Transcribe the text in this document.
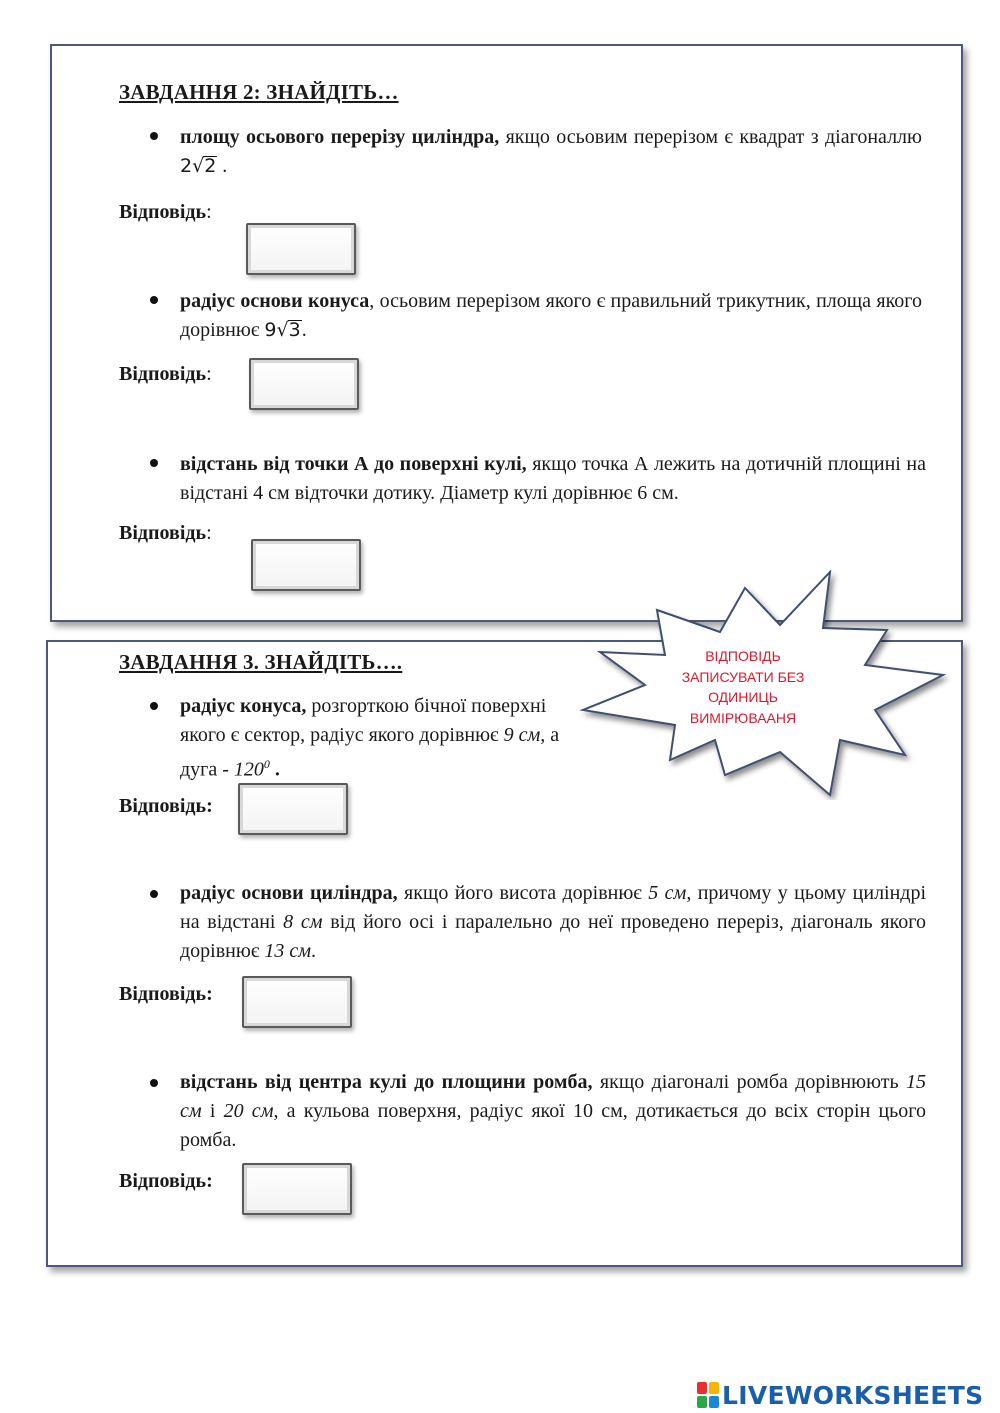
ЗАВДАННЯ 2: ЗНАЙДІТЬ…
площу осьового перерізу циліндра, якщо осьовим перерізом є квадрат з діагоналлю 2√2 .
Відповідь:
радіус основи конуса, осьовим перерізом якого є правильний трикутник, площа якого дорівнює 9√3.
Відповідь:
відстань від точки А до поверхні кулі, якщо точка А лежить на дотичній площині на відстані 4 см відточки дотику. Діаметр кулі дорівнює 6 см.
Відповідь:
ЗАВДАННЯ 3. ЗНАЙДІТЬ….
радіус конуса, розгорткою бічної поверхні якого є сектор, радіус якого дорівнює 9 см, а дуга - $120^0$ .
Відповідь:
радіус основи циліндра, якщо його висота дорівнює 5 см, причому у цьому циліндрі на відстані 8 см від його осі і паралельно до неї проведено переріз, діагональ якого дорівнює 13 см.
Відповідь:
відстань від центра кулі до площини ромба, якщо діагоналі ромба дорівнюють 15 см і 20 см, а кульова поверхня, радіус якої 10 см, дотикається до всіх сторін цього ромба.
Відповідь:
ВІДПОВІДЬ
ЗАПИСУВАТИ БЕЗ
ОДИНИЦЬ
ВИМІРЮВААНЯ
LIVEWORKSHEETS
